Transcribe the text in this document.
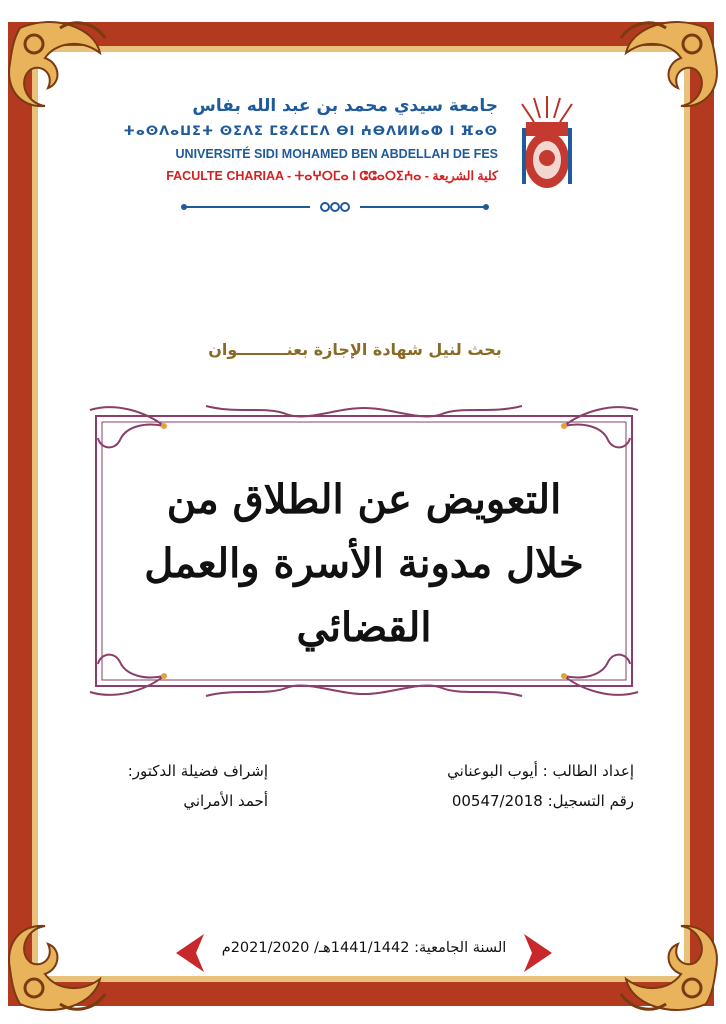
جامعة سيدي محمد بن عبد الله بفاس
ⵜⴰⵙⴷⴰⵡⵉⵜ ⵙⵉⴷⵉ ⵎⵓⵃⵎⵎⴷ ⴱⵏ ⵄⴱⴷⵍⵍⴰⵀ ⵏ ⴼⴰⵙ
UNIVERSITÉ SIDI MOHAMED BEN ABDELLAH DE FES
FACULTE CHARIAA - ⵜⴰⵖⵔⵎⴰ ⵏ ⵛⵛⴰⵔⵉⵄⴰ - كلية الشريعة
بحث لنيل شهادة الإجازة بعنـــــــــوان
التعويض عن الطلاق من
خلال مدونة الأسرة والعمل
القضائي
إشراف فضيلة الدكتور:
أحمد الأمراني
إعداد الطالب : أيوب البوعناني
رقم التسجيل: 00547/2018
السنة الجامعية: 1441/1442هـ/ 2021/2020م
